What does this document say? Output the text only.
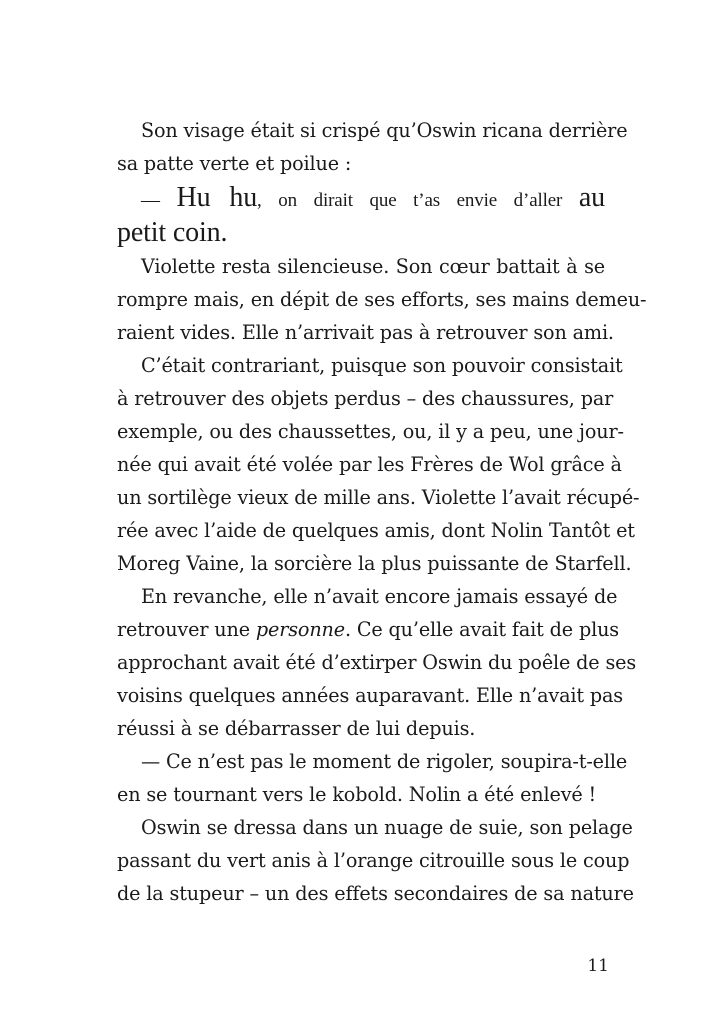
Son visage était si crispé qu’Oswin ricana derrière
sa patte verte et poilue :
— Hu hu, on dirait que t’as envie d’aller au
petit coin.
Violette resta silencieuse. Son cœur battait à se
rompre mais, en dépit de ses efforts, ses mains demeu-
raient vides. Elle n’arrivait pas à retrouver son ami.
C’était contrariant, puisque son pouvoir consistait
à retrouver des objets perdus – des chaussures, par
exemple, ou des chaussettes, ou, il y a peu, une jour-
née qui avait été volée par les Frères de Wol grâce à
un sortilège vieux de mille ans. Violette l’avait récupé-
rée avec l’aide de quelques amis, dont Nolin Tantôt et
Moreg Vaine, la sorcière la plus puissante de Starfell.
En revanche, elle n’avait encore jamais essayé de
retrouver une personne. Ce qu’elle avait fait de plus
approchant avait été d’extirper Oswin du poêle de ses
voisins quelques années auparavant. Elle n’avait pas
réussi à se débarrasser de lui depuis.
— Ce n’est pas le moment de rigoler, soupira-t-elle
en se tournant vers le kobold. Nolin a été enlevé !
Oswin se dressa dans un nuage de suie, son pelage
passant du vert anis à l’orange citrouille sous le coup
de la stupeur – un des effets secondaires de sa nature
11
